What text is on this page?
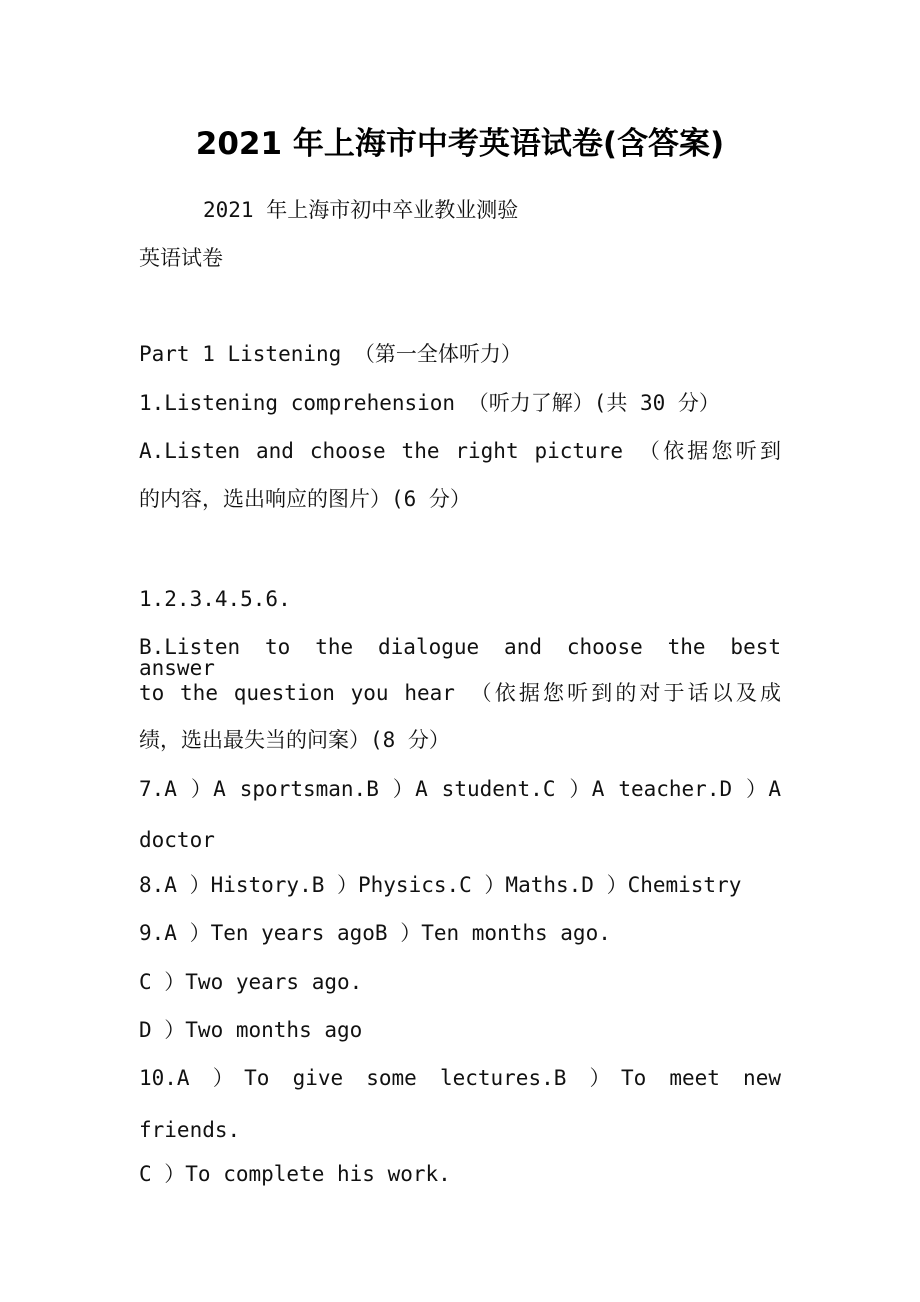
2021 年上海市中考英语试卷(含答案)
2021 年上海市初中卒业教业测验
英语试卷
Part 1 Listening （第一全体听力）
1.Listening comprehension （听力了解）(共 30 分）
A.Listen and choose the right picture （依据您听到
的内容，选出响应的图片）(6 分）
1.2.3.4.5.6.
B.Listen to the dialogue and choose the best answer
to the question you hear （依据您听到的对于话以及成
绩，选出最失当的问案）(8 分）
7.A ）A sportsman.B ）A student.C ）A teacher.D ）A
doctor
8.A ）History.B ）Physics.C ）Maths.D ）Chemistry
9.A ）Ten years agoB ）Ten months ago.
C ）Two years ago.
D ）Two months ago
10.A ）To give some lectures.B ）To meet new
friends.
C ）To complete his work.
